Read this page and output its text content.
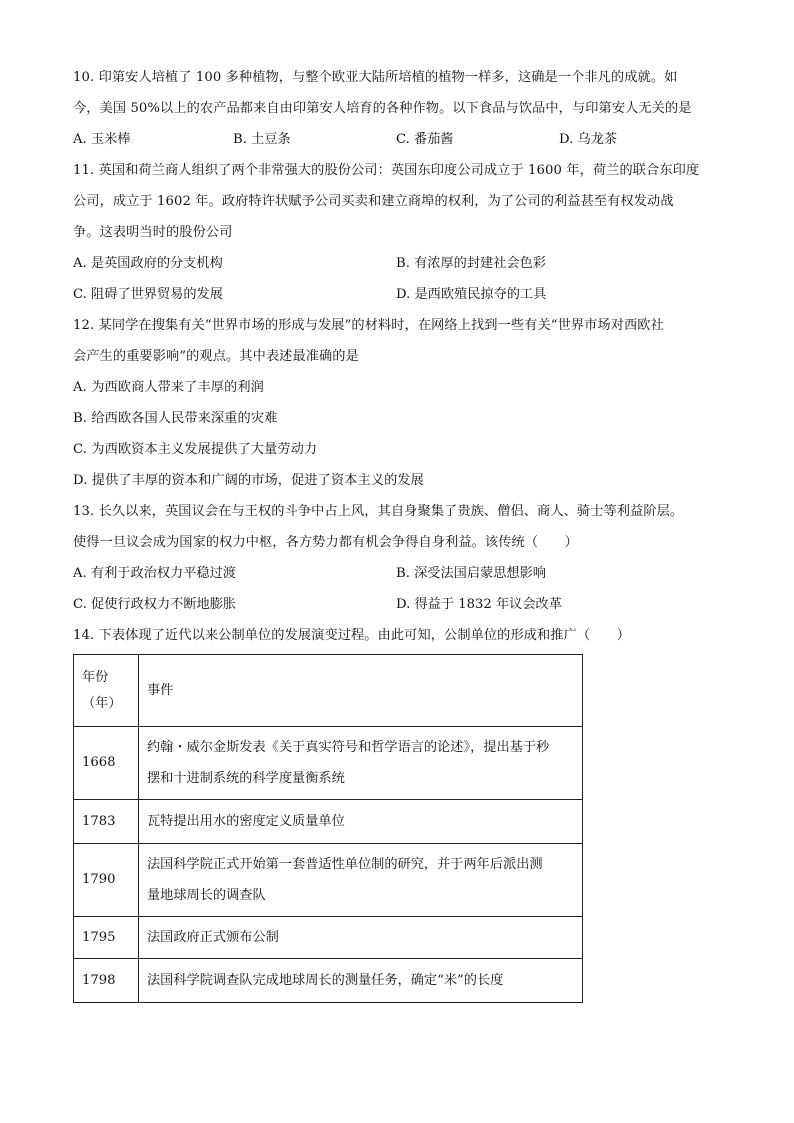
10. 印第安人培植了 100 多种植物，与整个欧亚大陆所培植的植物一样多，这确是一个非凡的成就。如
今，美国 50%以上的农产品都来自由印第安人培育的各种作物。以下食品与饮品中，与印第安人无关的是
A. 玉米棒	B. 土豆条	C. 番茄酱	D. 乌龙茶
11. 英国和荷兰商人组织了两个非常强大的股份公司：英国东印度公司成立于 1600 年，荷兰的联合东印度
公司，成立于 1602 年。政府特许状赋予公司买卖和建立商埠的权利，为了公司的利益甚至有权发动战
争。这表明当时的股份公司
A. 是英国政府的分支机构	B. 有浓厚的封建社会色彩
C. 阻碍了世界贸易的发展	D. 是西欧殖民掠夺的工具
12. 某同学在搜集有关“世界市场的形成与发展”的材料时，在网络上找到一些有关“世界市场对西欧社
会产生的重要影响”的观点。其中表述最准确的是
A. 为西欧商人带来了丰厚的利润
B. 给西欧各国人民带来深重的灾难
C. 为西欧资本主义发展提供了大量劳动力
D. 提供了丰厚的资本和广阔的市场，促进了资本主义的发展
13. 长久以来，英国议会在与王权的斗争中占上风，其自身聚集了贵族、僧侣、商人、骑士等利益阶层。
使得一旦议会成为国家的权力中枢，各方势力都有机会争得自身利益。该传统（　　）
A. 有利于政治权力平稳过渡	B. 深受法国启蒙思想影响
C. 促使行政权力不断地膨胀	D. 得益于 1832 年议会改革
14. 下表体现了近代以来公制单位的发展演变过程。由此可知，公制单位的形成和推广（　　）
年份
（年）	事件
1668	约翰・威尔金斯发表《关于真实符号和哲学语言的论述》，提出基于秒
摆和十进制系统的科学度量衡系统

1783	瓦特提出用水的密度定义质量单位
1790	法国科学院正式开始第一套普适性单位制的研究，并于两年后派出测
量地球周长的调查队

1795	法国政府正式颁布公制
1798	法国科学院调查队完成地球周长的测量任务，确定“米”的长度
